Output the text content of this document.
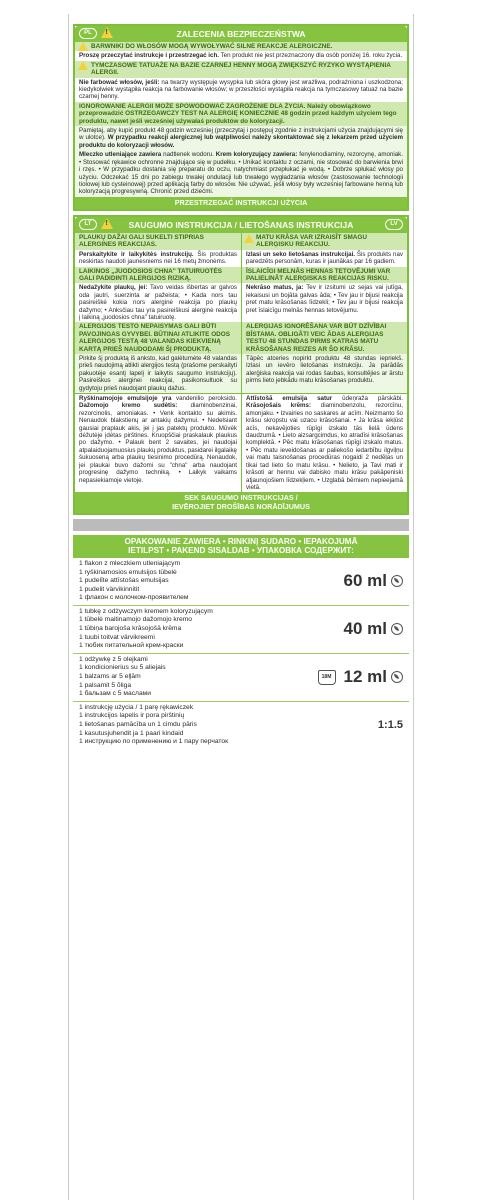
PL !	ZALECENIA BEZPIECZEŃSTWA
BARWNIKI DO WŁOSÓW MOGĄ WYWOŁYWAĆ SILNE REAKCJE ALERGICZNE.
Proszę przeczytać instrukcje i przestrzegać ich. Ten produkt nie jest przeznaczony dla osób poniżej 16. roku życia.
TYMCZASOWE TATUAŻE NA BAZIE CZARNEJ HENNY MOGĄ ZWIĘKSZYĆ RYZYKO WYSTĄPIENIA ALERGII.
Nie farbować włosów, jeśli: na twarzy występuje wysypka lub skóra głowy jest wrażliwa, podrażniona i uszkodzona; kiedykolwiek wystąpiła reakcja na farbowanie włosów; w przeszłości wystąpiła reakcja na tymczasowy tatuaż na bazie czarnej henny.
IGNOROWANIE ALERGII MOŻE SPOWODOWAĆ ZAGROŻENIE DLA ŻYCIA. Należy obowiązkowo przeprowadzić OSTRZEGAWCZY TEST NA ALERGIĘ KONIECZNIE 48 godzin przed każdym użyciem tego produktu, nawet jeśli wcześniej używałaś produktów do koloryzacji.
Pamiętaj, aby kupić produkt 48 godzin wcześniej (przeczytaj i postępuj zgodnie z instrukcjami użycia znajdującymi się w ulotce). W przypadku reakcji alergicznej lub wątpliwości należy skontaktować się z lekarzem przed użyciem produktu do koloryzacji włosów.
Mleczko utleniające zawiera nadtlenek wodoru. Krem koloryzujący zawiera: fenylenodiaminy, rezorcynę, amoniak. • Stosować rękawice ochronne znajdujące się w pudełku. • Unikać kontaktu z oczami, nie stosować do barwienia brwi i rzęs. • W przypadku dostania się preparatu do oczu, natychmiast przepłukać je wodą. • Dobrze spłukać włosy po użyciu. Odczekać 15 dni po zabiegu trwałej ondulacji lub trwałego wygładzania włosów (zastosowanie technologii tiolowej lub cysteinowej) przed aplikacją farby do włosów. Nie używać, jeśli włosy były wcześniej farbowane henną lub koloryzacją progresywną. Chronić przed dziećmi.
PRZESTRZEGAĆ INSTRUKCJI UŻYCIA
LT !	SAUGUMO INSTRUKCIJA / LIETOŠANAS INSTRUKCIJA	LV
PLAUKŲ DAŽAI GALI SUKELTI STIPRIAS ALERGINES REAKCIJAS.
MATU KRĀSA VAR IZRAISĪT SMAGU ALERĢISKU REAKCIJU.
Perskaitykite ir laikykitės instrukcijų. Šis produktas neskirtas naudoti jaunesniems nei 16 metų žmonėms.
Izlasi un seko lietošanas instrukcijai. Šis produkts nav paredzēts personām, kuras ir jaunākas par 16 gadiem.
LAIKINOS „JUODOSIOS CHNA" TATUIRUOTĖS GALI PADIDINTI ALERGIJOS RIZIKĄ.
ĪSLAICĪGI MELNĀS HENNAS TETOVĒJUMI VAR PALIELINĀT ALERĢISKAS REAKCIJAS RISKU.
Nedažykite plaukų, jei: Tavo veidas išbertas ar galvos oda jautri, suerzinta ar pažeista; • Kada nors tau pasireiškė kokia nors alerginė reakcija po plaukų dažymo; • Anksčiau tau yra pasireiškusi alerginė reakcija į laikiną „juodosios chna" tatuiruotę.
Nekrāso matus, ja: Tev ir izsitumi uz sejas vai jutīga, iekaisusi un bojāta galvas āda; • Tev jau ir bijusi reakcija pret matu krāsošanas līdzekli; • Tev jau ir bijusi reakcija pret īslaicīgu melnās hennas tetovējumu.
ALERGIJOS TESTO NEPAISYMAS GALI BŪTI PAVOJINGAS GYVYBEI. BŪTINAI ATLIKITE ODOS ALERGIJOS TESTĄ 48 VALANDAS KIEKVIENĄ KARTĄ PRIEŠ NAUDODAMI ŠĮ PRODUKTĄ.
ALERĢIJAS IGNORĒŠANA VAR BŪT DZĪVĪBAI BĪSTAMA. OBLIGĀTI VEIC ĀDAS ALERĢIJAS TESTU 48 STUNDAS PIRMS KATRAS MATU KRĀSOŠANAS REIZES AR ŠO KRĀSU.
Pirkite šį produktą iš anksto, kad galėtumėte 48 valandas prieš naudojimą atlikti alergijos testą (prašome perskaityti pakuotėje esantį lapelį ir laikytis saugumo instrukcijų). Pasireiškus alerginei reakcijai, pasikonsultuok su gydytoju prieš naudojant plaukų dažus.
Tāpēc atceries nopirkt produktu 48 stundas iepriekš. Izlasi un ievēro lietošanas instrukciju. Ja parādās alerģiska reakcija vai rodas šaubas, konsultējies ar ārstu pirms lieto jebkādu matu krāsošanas produktu.
Ryškinamojoje emulsijoje yra vandenilio peroksido. Dažomojo kremo sudėtis: diaminobenzinai, rezorcinolis, amoniakas. • Venk kontakto su akimis. Nenaudok blakstienų ar antakių dažymui. • Nedelsiant gausiai praplauk akis, jei į jas patektų produkto. Mūvėk dėžutėje įdėtas pirštines. Kruopščiai praskalauk plaukus po dažymo. • Palauk bent 2 savaites, jei naudojai atpalaiduojamuosius plaukų produktus, pasidarei ilgalaikę šukuoseną arba plaukų tiesinimo procedūrą. Nenaudok, jei plaukai buvo dažomi su "chna" arba naudojant progresinę dažymo techniką. • Laikyk vaikams nepasiekiamoje vietoje.
Attīstošā emulsija satur ūdeņraža pārskābi. Krāsojošais krēms: diaminobenzolu, rezorcīnu, amonjaku. • Izvairies no saskares ar acīm. Neizmanto šo krāsu skropstu vai uzacu krāsošanai. • Ja krāsa iekļūst acīs, nekavējoties rūpīgi izskalo tās lielā ūdens daudzumā. • Lieto aizsargcimdus, ko atradīsi krāsošanas komplektā. • Pēc matu krāsošanas rūpīgi izskalo matus. • Pēc matu ieveidošanas ar paliekošo iedarbību ilgviļņu vai matu taisnošanas procedūras nogaidi 2 nedēļas un tikai tad lieto šo matu krāsu. • Nelieto, ja Tavi mati ir krāsoti ar hennu vai dabisko matu krāsu pakāpeniski atjaunojošiem līdzekļiem. • Uzglabā bērniem nepieejamā vietā.
SEK SAUGUMO INSTRUKCIJAS /
IEVĒROJIET DROŠĪBAS NORĀDĪJUMUS
OPAKOWANIE ZAWIERA • RINKINĮ SUDARO • IEPAKOJUMĀ
IETILPST • PAKEND SISALDAB • УПАКОВКА СОДЕРЖИТ:
1 flakon z mleczkiem utleniającym
1 ryškinamosios emulsijos tūbelė
1 pudelīte attīstošas emulsijas
1 pudelit värvikinnitit
1 флакон с молочком-проявителем
60 ml
1 tubkę z odżywczym kremem koloryzującym
1 tūbelė maitinamojo dažomojo kremo
1 tūbiņa barojoša krāsojošā krēma
1 tuubi toitvat värvikreemi
1 тюбик питательной крем-краски
40 ml
1 odżywkę z 5 olejkami
1 kondicionierius su 5 aliejais
1 balzams ar 5 eļļām
1 palsamit 5 õliga
1 бальзам с 5 маслами
18M 12 ml
1 instrukcję użycia / 1 parę rękawiczek
1 instrukcijos lapelis ir pora pirštinių
1 lietošanas pamācība un 1 cimdu pāris
1 kasutusjuhendit ja 1 paari kindaid
1 инструкцию по применению и 1 пару перчаток
1:1.5
